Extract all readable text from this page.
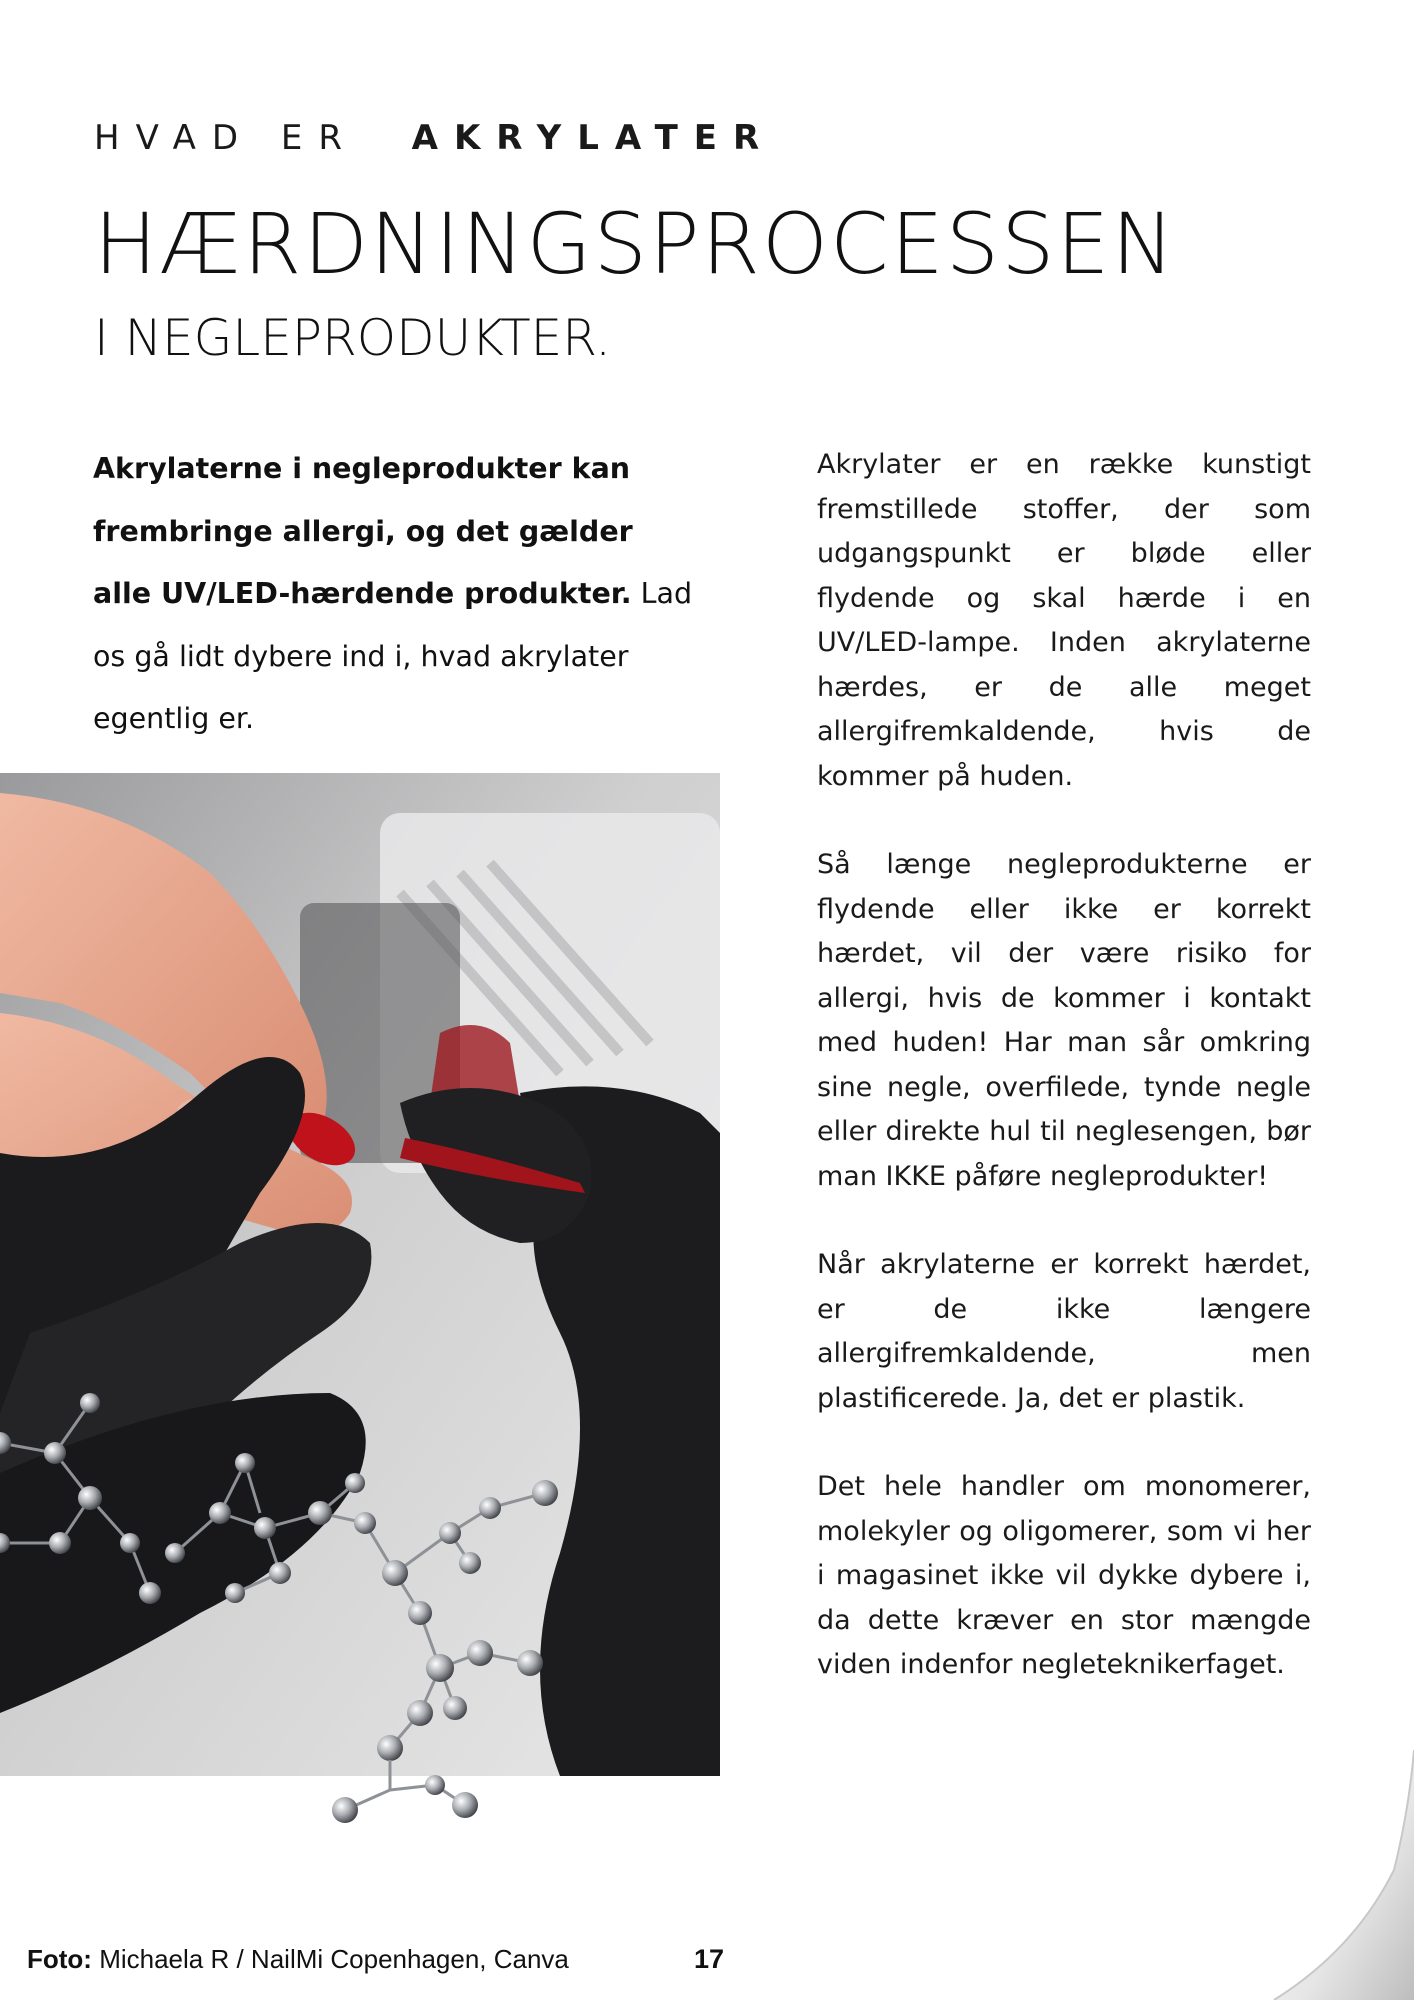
HVAD ER AKRYLATER
HÆRDNINGSPROCESSEN
I NEGLEPRODUKTER.
Akrylaterne i negleprodukter kan frembringe allergi, og det gælder alle UV/LED-hærdende produkter. Lad os gå lidt dybere ind i, hvad akrylater egentlig er.

Akrylater er en række kunstigt fremstillede stoffer, der som udgangspunkt er bløde eller flydende og skal hærde i en UV/LED-lampe. Inden akrylaterne hærdes, er de alle meget allergifremkaldende, hvis de kommer på huden.

Så længe negleprodukterne er flydende eller ikke er korrekt hærdet, vil der være risiko for allergi, hvis de kommer i kontakt med huden! Har man sår omkring sine negle, overfilede, tynde negle eller direkte hul til neglesengen, bør man IKKE påføre negleprodukter!

Når akrylaterne er korrekt hærdet, er de ikke længere allergifremkaldende, men plastificerede. Ja, det er plastik.

Det hele handler om monomerer, molekyler og oligomerer, som vi her i magasinet ikke vil dykke dybere i, da dette kræver en stor mængde viden indenfor negleteknikerfaget.

Foto: Michaela R / NailMi Copenhagen, Canva	17
